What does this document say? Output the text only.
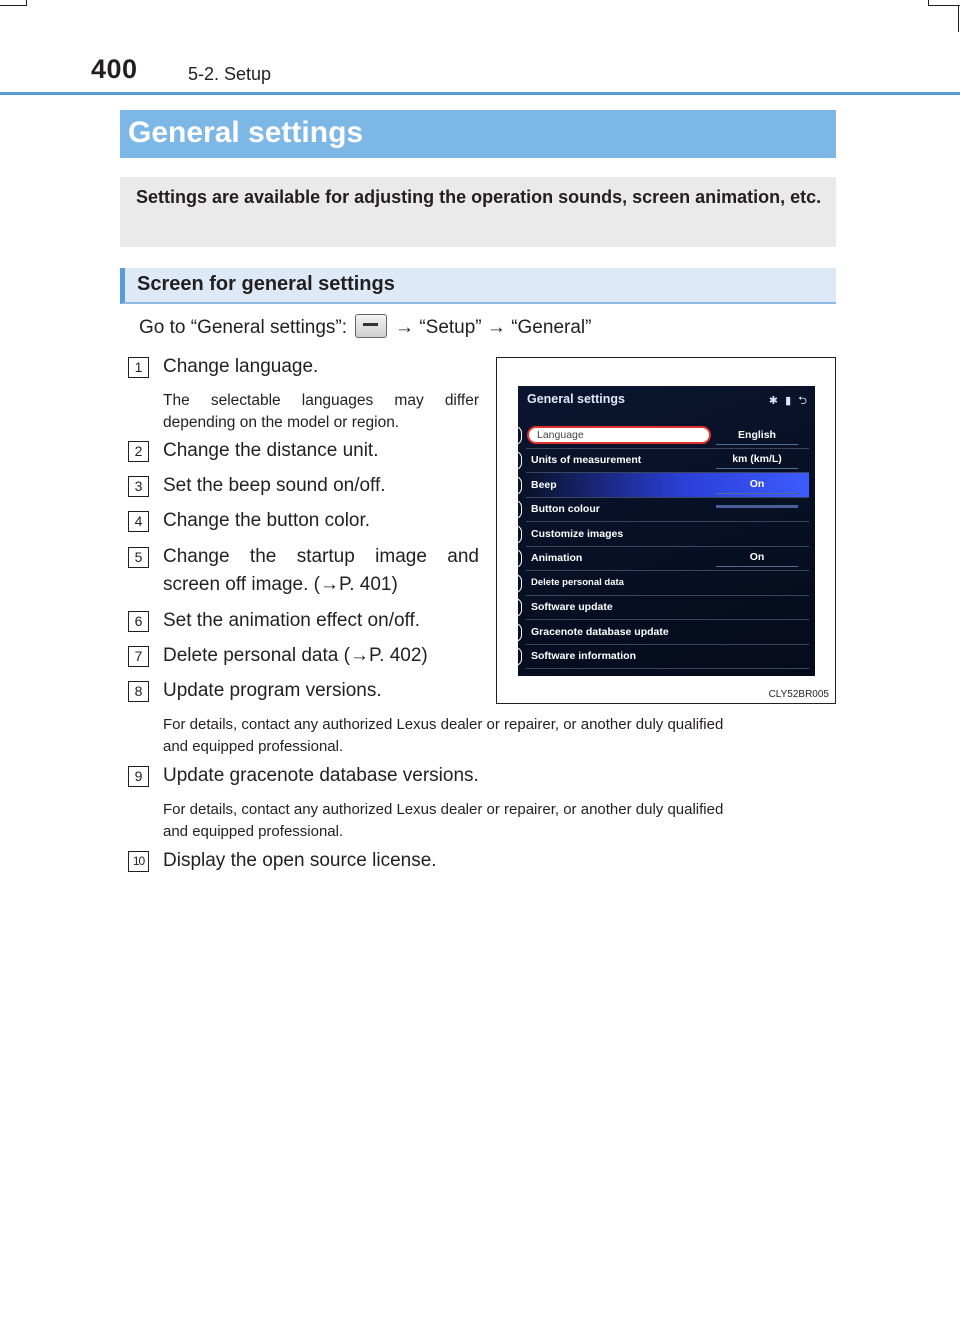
400	5-2. Setup
General settings
Settings are available for adjusting the operation sounds, screen animation, etc.
Screen for general settings
Go to “General settings”:	→ “Setup” → “General”
1	Change language.
The selectable languages may differ depending on the model or region.
2	Change the distance unit.
3	Set the beep sound on/off.
4	Change the button color.
5	Change the startup image and
screen off image. (→P. 401)
6	Set the animation effect on/off.
7	Delete personal data (→P. 402)
8	Update program versions.
For details, contact any authorized Lexus dealer or repairer, or another duly qualified
and equipped professional.
9	Update gracenote database versions.
For details, contact any authorized Lexus dealer or repairer, or another duly qualified
and equipped professional.
10 Display the open source license.
General settings	✱ ▮ ⮌
Language	English
Units of measurement	km (km/L)
Beep	On
Button colour
Customize images
Animation	On
Delete personal data
Software update
Gracenote database update
Software information
1
2
3
4
5
6
7
8
9
10
CLY52BR005
